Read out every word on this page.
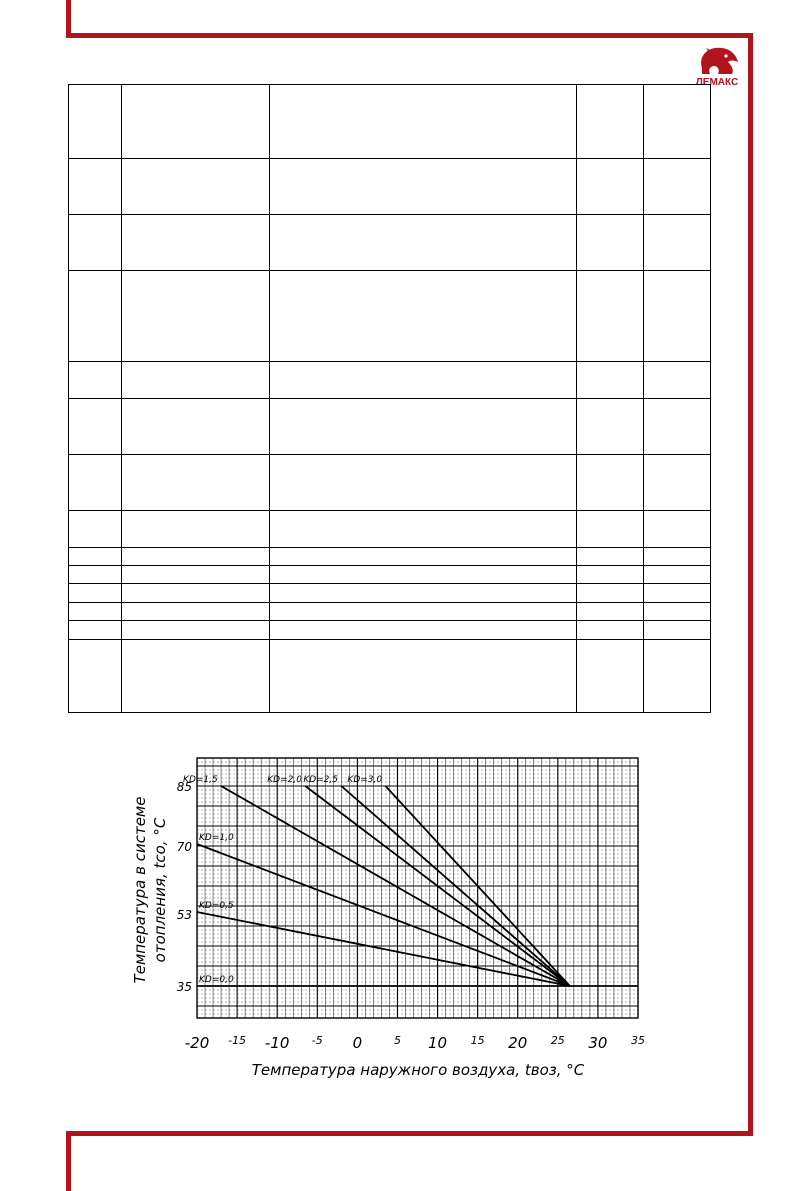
ЛЕМАКС

KD=0,0
KD=0,5
KD=1,0
KD=1,5	KD=2,0 KD=2,5 KD=3,0
-20 -15 -10 -5 0	5 10 15 20 25 30 35
85
70
53
35
Температура наружного воздуха, tвоз, °C
Температура в системе отопления, tсо, °C
